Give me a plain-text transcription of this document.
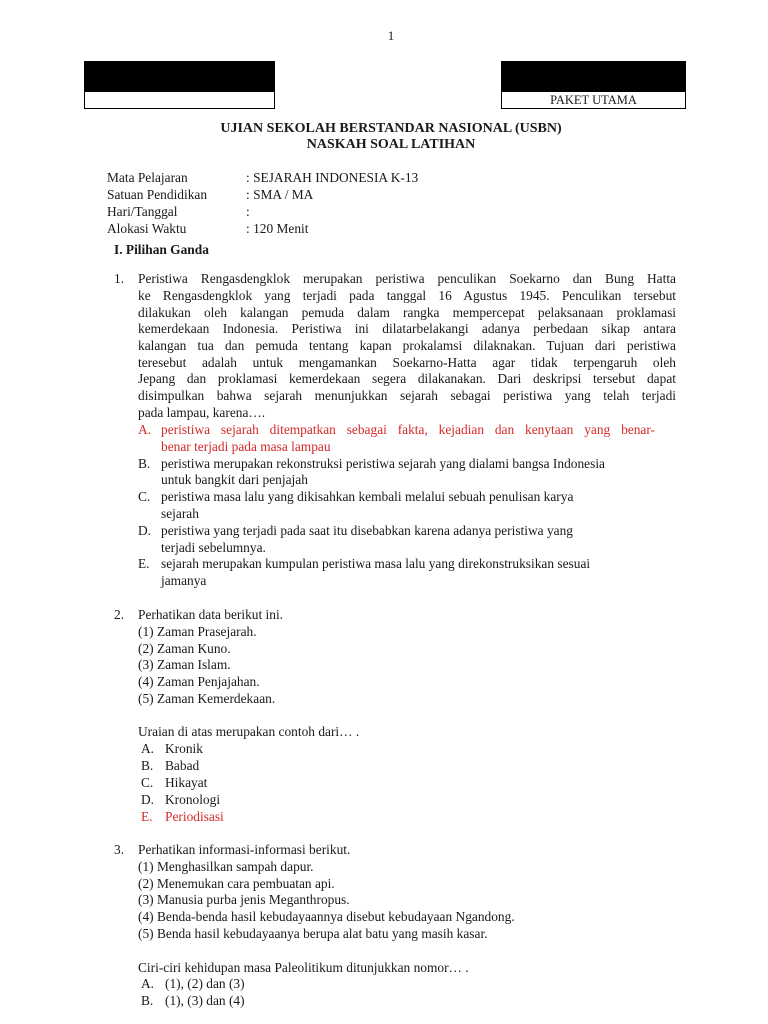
1
PAKET UTAMA
UJIAN SEKOLAH BERSTANDAR NASIONAL (USBN)
NASKAH SOAL LATIHAN
Mata Pelajaran	: SEJARAH INDONESIA K-13
Satuan Pendidikan	: SMA / MA
Hari/Tanggal	:
Alokasi Waktu	: 120 Menit
I. Pilihan Ganda
1. Peristiwa Rengasdengklok merupakan peristiwa penculikan Soekarno dan Bung Hatta
ke Rengasdengklok yang terjadi pada tanggal 16 Agustus 1945. Penculikan tersebut
dilakukan oleh kalangan pemuda dalam rangka mempercepat pelaksanaan proklamasi
kemerdekaan Indonesia. Peristiwa ini dilatarbelakangi adanya perbedaan sikap antara
kalangan tua dan pemuda tentang kapan prokalamsi dilaknakan. Tujuan dari peristiwa
teresebut adalah untuk mengamankan Soekarno-Hatta agar tidak terpengaruh oleh
Jepang dan proklamasi kemerdekaan segera dilakanakan. Dari deskripsi tersebut dapat
disimpulkan bahwa sejarah menunjukkan sejarah sebagai peristiwa yang telah terjadi
pada lampau, karena….
A. peristiwa sejarah ditempatkan sebagai fakta, kejadian dan kenytaan yang benar-
benar terjadi pada masa lampau
B. peristiwa merupakan rekonstruksi peristiwa sejarah yang dialami bangsa Indonesia
untuk bangkit dari penjajah
C. peristiwa masa lalu yang dikisahkan kembali melalui sebuah penulisan karya
sejarah
D. peristiwa yang terjadi pada saat itu disebabkan karena adanya peristiwa yang
terjadi sebelumnya.
E. sejarah merupakan kumpulan peristiwa masa lalu yang direkonstruksikan sesuai
jamanya
2. Perhatikan data berikut ini.
(1) Zaman Prasejarah.
(2) Zaman Kuno.
(3) Zaman Islam.
(4) Zaman Penjajahan.
(5) Zaman Kemerdekaan.
Uraian di atas merupakan contoh dari… .
A. Kronik
B. Babad
C. Hikayat
D. Kronologi
E. Periodisasi
3. Perhatikan informasi-informasi berikut.
(1) Menghasilkan sampah dapur.
(2) Menemukan cara pembuatan api.
(3) Manusia purba jenis Meganthropus.
(4) Benda-benda hasil kebudayaannya disebut kebudayaan Ngandong.
(5) Benda hasil kebudayaanya berupa alat batu yang masih kasar.
Ciri-ciri kehidupan masa Paleolitikum ditunjukkan nomor… .
A. (1), (2) dan (3)
B. (1), (3) dan (4)
